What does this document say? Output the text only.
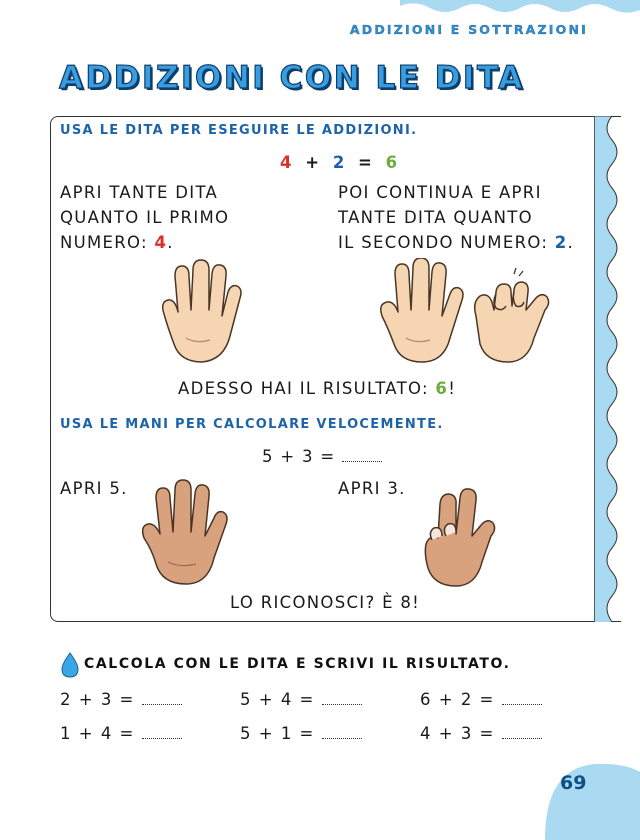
ADDIZIONI E SOTTRAZIONI
ADDIZIONI CON LE DITA
USA LE DITA PER ESEGUIRE LE ADDIZIONI.
4 + 2 = 6
APRI TANTE DITA
QUANTO IL PRIMO
NUMERO: 4.
POI CONTINUA E APRI
TANTE DITA QUANTO
IL SECONDO NUMERO: 2.
ADESSO HAI IL RISULTATO: 6!
USA LE MANI PER CALCOLARE VELOCEMENTE.
5 + 3 =
APRI 5.	APRI 3.
LO RICONOSCI? È 8!
CALCOLA CON LE DITA E SCRIVI IL RISULTATO.
2 + 3 =	5 + 4 =	6 + 2 =
1 + 4 =	5 + 1 =	4 + 3 =
69
